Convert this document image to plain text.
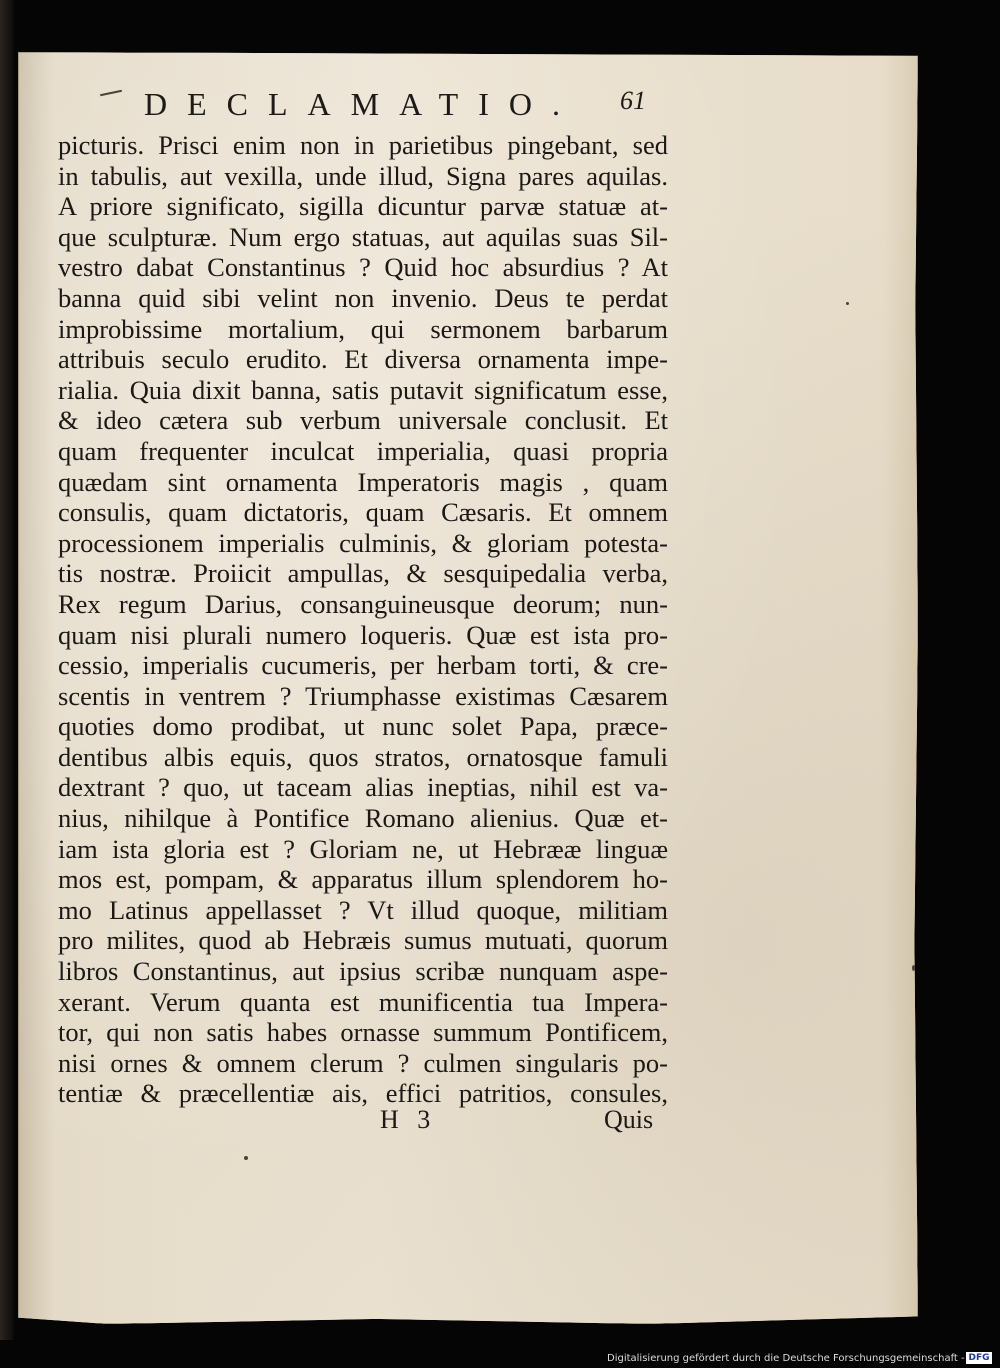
DECLAMATIO.	61
picturis. Prisci enim non in parietibus pingebant, sed
in tabulis, aut vexilla, unde illud, Signa pares aquilas.
A priore significato, sigilla dicuntur parvæ statuæ at-
que sculpturæ. Num ergo statuas, aut aquilas suas Sil-
vestro dabat Constantinus ? Quid hoc absurdius ? At
banna quid sibi velint non invenio. Deus te perdat
improbissime mortalium, qui sermonem barbarum
attribuis seculo erudito. Et diversa ornamenta impe-
rialia. Quia dixit banna, satis putavit significatum esse,
& ideo cætera sub verbum universale conclusit. Et
quam frequenter inculcat imperialia, quasi propria
quædam sint ornamenta Imperatoris magis , quam
consulis, quam dictatoris, quam Cæsaris. Et omnem
processionem imperialis culminis, & gloriam potesta-
tis nostræ. Proiicit ampullas, & sesquipedalia verba,
Rex regum Darius, consanguineusque deorum; nun-
quam nisi plurali numero loqueris. Quæ est ista pro-
cessio, imperialis cucumeris, per herbam torti, & cre-
scentis in ventrem ? Triumphasse existimas Cæsarem
quoties domo prodibat, ut nunc solet Papa, præce-
dentibus albis equis, quos stratos, ornatosque famuli
dextrant ? quo, ut taceam alias ineptias, nihil est va-
nius, nihilque à Pontifice Romano alienius. Quæ et-
iam ista gloria est ? Gloriam ne, ut Hebrææ linguæ
mos est, pompam, & apparatus illum splendorem ho-
mo Latinus appellasset ? Vt illud quoque, militiam
pro milites, quod ab Hebræis sumus mutuati, quorum
libros Constantinus, aut ipsius scribæ nunquam aspe-
xerant. Verum quanta est munificentia tua Impera-
tor, qui non satis habes ornasse summum Pontificem,
nisi ornes & omnem clerum ? culmen singularis po-
tentiæ & præcellentiæ ais, effici patritios, consules,
H 3	Quis
Digitalisierung gefördert durch die Deutsche Forschungsgemeinschaft - DFG
